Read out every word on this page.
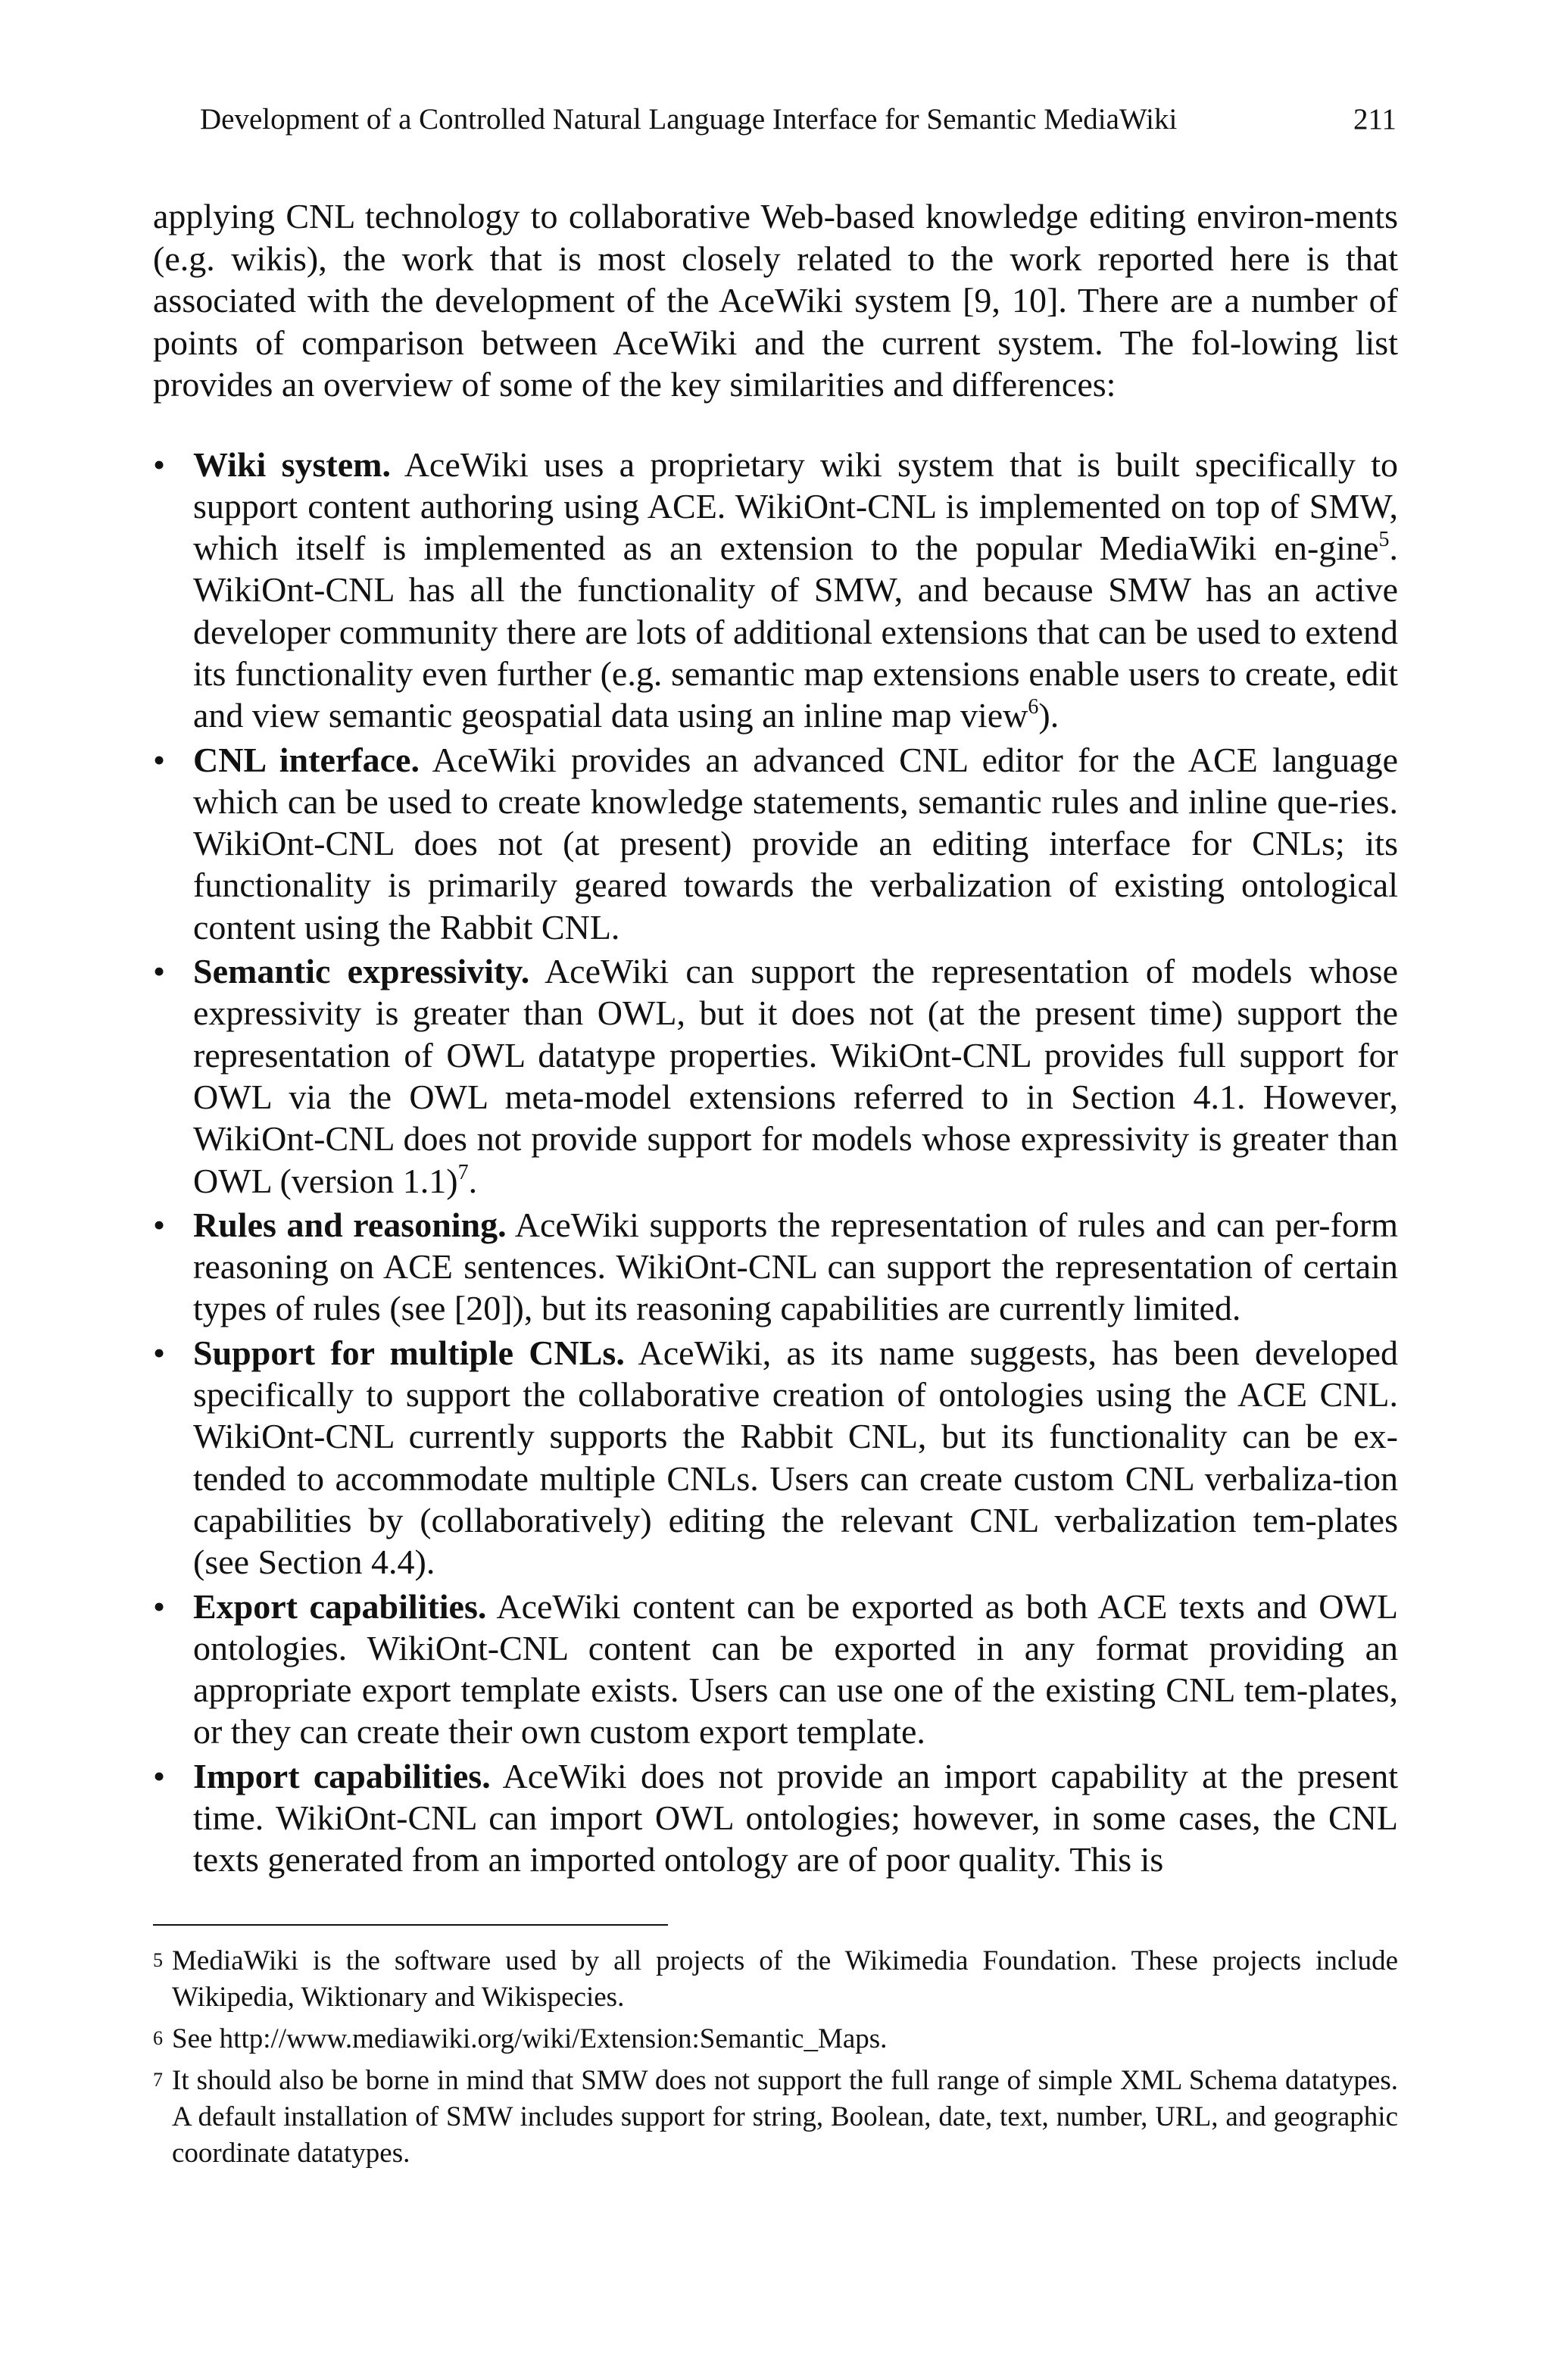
Development of a Controlled Natural Language Interface for Semantic MediaWiki	211

applying CNL technology to collaborative Web-based knowledge editing environ-ments (e.g. wikis), the work that is most closely related to the work reported here is that associated with the development of the AceWiki system [9, 10]. There are a number of points of comparison between AceWiki and the current system. The fol-lowing list provides an overview of some of the key similarities and differences:

• Wiki system. AceWiki uses a proprietary wiki system that is built specifically to support content authoring using ACE. WikiOnt-CNL is implemented on top of SMW, which itself is implemented as an extension to the popular MediaWiki en-gine$^5$. WikiOnt-CNL has all the functionality of SMW, and because SMW has an active developer community there are lots of additional extensions that can be used to extend its functionality even further (e.g. semantic map extensions enable users to create, edit and view semantic geospatial data using an inline map view$^6$).
• CNL interface. AceWiki provides an advanced CNL editor for the ACE language which can be used to create knowledge statements, semantic rules and inline que-ries. WikiOnt-CNL does not (at present) provide an editing interface for CNLs; its functionality is primarily geared towards the verbalization of existing ontological content using the Rabbit CNL.
• Semantic expressivity. AceWiki can support the representation of models whose expressivity is greater than OWL, but it does not (at the present time) support the representation of OWL datatype properties. WikiOnt-CNL provides full support for OWL via the OWL meta-model extensions referred to in Section 4.1. However, WikiOnt-CNL does not provide support for models whose expressivity is greater than OWL (version 1.1)$^7$.
• Rules and reasoning. AceWiki supports the representation of rules and can per-form reasoning on ACE sentences. WikiOnt-CNL can support the representation of certain types of rules (see [20]), but its reasoning capabilities are currently limited.
• Support for multiple CNLs. AceWiki, as its name suggests, has been developed specifically to support the collaborative creation of ontologies using the ACE CNL. WikiOnt-CNL currently supports the Rabbit CNL, but its functionality can be ex-tended to accommodate multiple CNLs. Users can create custom CNL verbaliza-tion capabilities by (collaboratively) editing the relevant CNL verbalization tem-plates (see Section 4.4).
• Export capabilities. AceWiki content can be exported as both ACE texts and OWL ontologies. WikiOnt-CNL content can be exported in any format providing an appropriate export template exists. Users can use one of the existing CNL tem-plates, or they can create their own custom export template.
• Import capabilities. AceWiki does not provide an import capability at the present time. WikiOnt-CNL can import OWL ontologies; however, in some cases, the CNL texts generated from an imported ontology are of poor quality. This is

5 MediaWiki is the software used by all projects of the Wikimedia Foundation. These projects include Wikipedia, Wiktionary and Wikispecies.

6 See http://www.mediawiki.org/wiki/Extension:Semantic_Maps.

7 It should also be borne in mind that SMW does not support the full range of simple XML Schema datatypes. A default installation of SMW includes support for string, Boolean, date, text, number, URL, and geographic coordinate datatypes.
